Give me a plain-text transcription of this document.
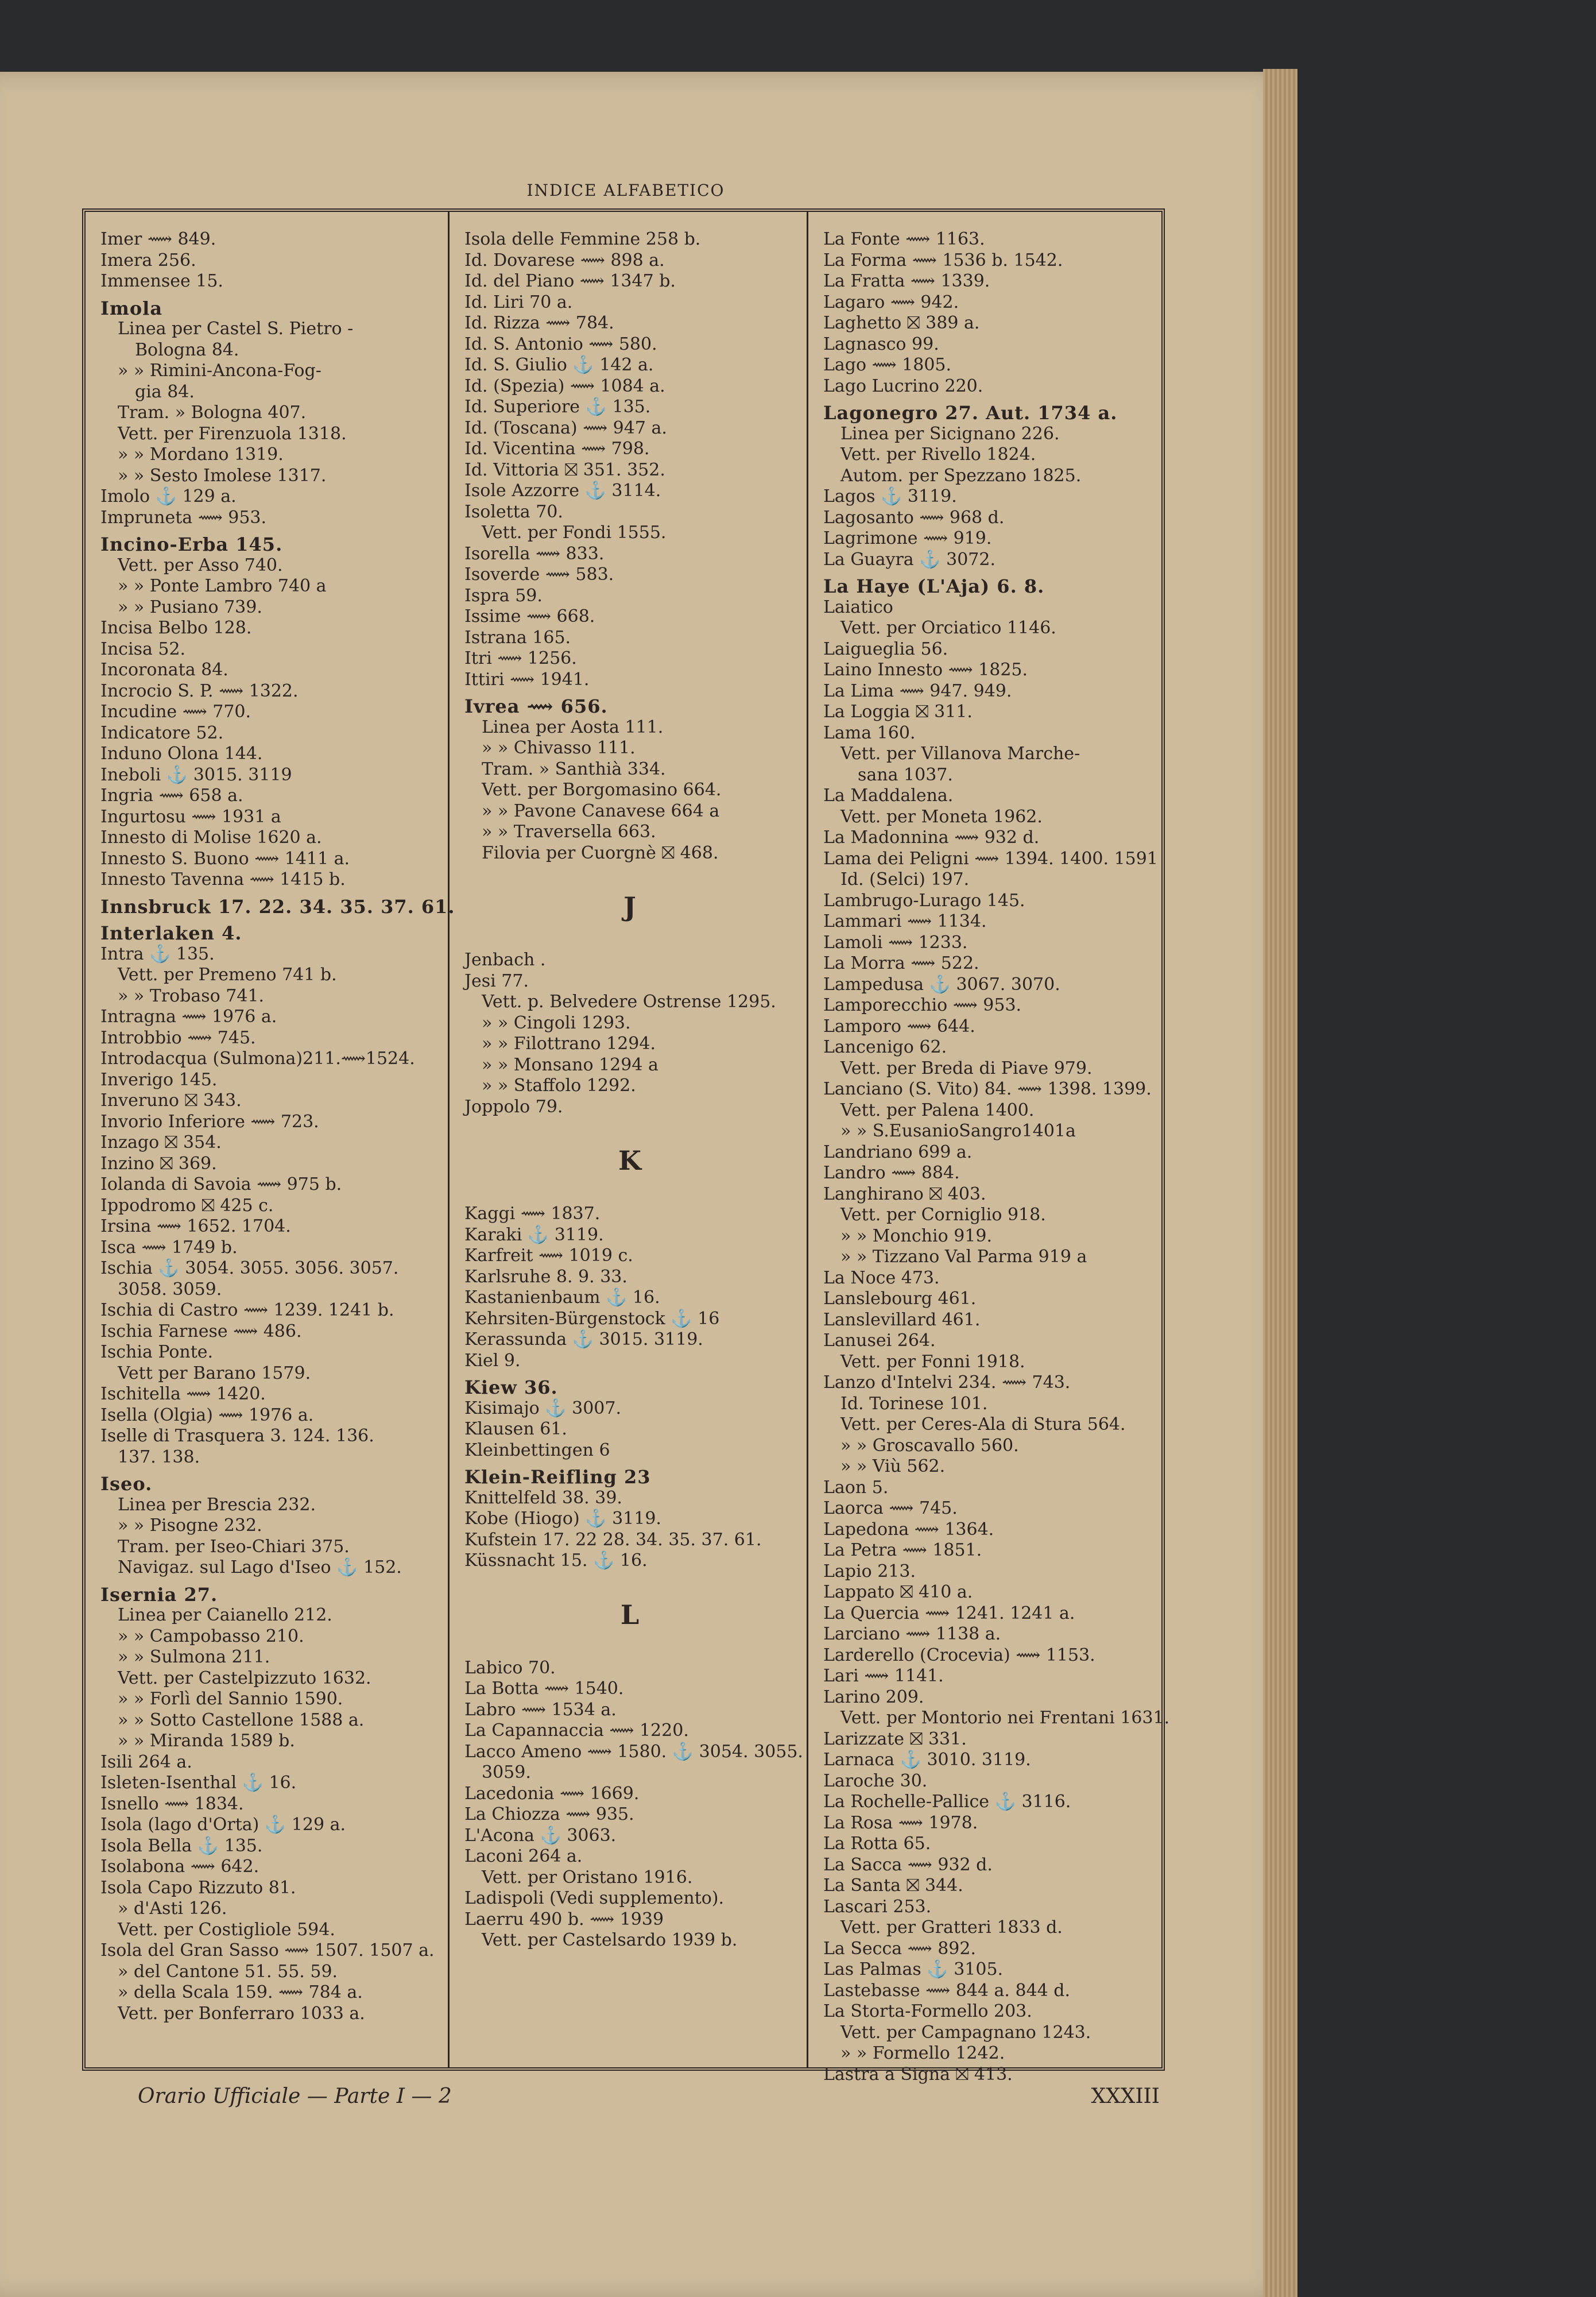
INDICE ALFABETICO
Imer ⟿ 849.
Imera 256.
Immensee 15.
Imola
Linea per Castel S. Pietro -
Bologna 84.
» » Rimini-Ancona-Fog-
gia 84.
Tram. » Bologna 407.
Vett. per Firenzuola 1318.
» » Mordano 1319.
» » Sesto Imolese 1317.
Imolo ⚓ 129 a.
Impruneta ⟿ 953.
Incino-Erba 145.
Vett. per Asso 740.
» » Ponte Lambro 740 a
» » Pusiano 739.
Incisa Belbo 128.
Incisa 52.
Incoronata 84.
Incrocio S. P. ⟿ 1322.
Incudine ⟿ 770.
Indicatore 52.
Induno Olona 144.
Ineboli ⚓ 3015. 3119
Ingria ⟿ 658 a.
Ingurtosu ⟿ 1931 a
Innesto di Molise 1620 a.
Innesto S. Buono ⟿ 1411 a.
Innesto Tavenna ⟿ 1415 b.
Innsbruck 17. 22. 34. 35. 37. 61.
Interlaken 4.
Intra ⚓ 135.
Vett. per Premeno 741 b.
» » Trobaso 741.
Intragna ⟿ 1976 a.
Introbbio ⟿ 745.
Introdacqua (Sulmona)211.⟿1524.
Inverigo 145.
Inveruno ⛝ 343.
Invorio Inferiore ⟿ 723.
Inzago ⛝ 354.
Inzino ⛝ 369.
Iolanda di Savoia ⟿ 975 b.
Ippodromo ⛝ 425 c.
Irsina ⟿ 1652. 1704.
Isca ⟿ 1749 b.
Ischia ⚓ 3054. 3055. 3056. 3057.
3058. 3059.
Ischia di Castro ⟿ 1239. 1241 b.
Ischia Farnese ⟿ 486.
Ischia Ponte.
Vett per Barano 1579.
Ischitella ⟿ 1420.
Isella (Olgia) ⟿ 1976 a.
Iselle di Trasquera 3. 124. 136.
137. 138.
Iseo.
Linea per Brescia 232.
» » Pisogne 232.
Tram. per Iseo-Chiari 375.
Navigaz. sul Lago d'Iseo ⚓ 152.
Isernia 27.
Linea per Caianello 212.
» » Campobasso 210.
» » Sulmona 211.
Vett. per Castelpizzuto 1632.
» » Forlì del Sannio 1590.
» » Sotto Castellone 1588 a.
» » Miranda 1589 b.
Isili 264 a.
Isleten-Isenthal ⚓ 16.
Isnello ⟿ 1834.
Isola (lago d'Orta) ⚓ 129 a.
Isola Bella ⚓ 135.
Isolabona ⟿ 642.
Isola Capo Rizzuto 81.
» d'Asti 126.
Vett. per Costigliole 594.
Isola del Gran Sasso ⟿ 1507. 1507 a.
» del Cantone 51. 55. 59.
» della Scala 159. ⟿ 784 a.
Vett. per Bonferraro 1033 a.
Isola delle Femmine 258 b.
Id. Dovarese ⟿ 898 a.
Id. del Piano ⟿ 1347 b.
Id. Liri 70 a.
Id. Rizza ⟿ 784.
Id. S. Antonio ⟿ 580.
Id. S. Giulio ⚓ 142 a.
Id. (Spezia) ⟿ 1084 a.
Id. Superiore ⚓ 135.
Id. (Toscana) ⟿ 947 a.
Id. Vicentina ⟿ 798.
Id. Vittoria ⛝ 351. 352.
Isole Azzorre ⚓ 3114.
Isoletta 70.
Vett. per Fondi 1555.
Isorella ⟿ 833.
Isoverde ⟿ 583.
Ispra 59.
Issime ⟿ 668.
Istrana 165.
Itri ⟿ 1256.
Ittiri ⟿ 1941.
Ivrea ⟿ 656.
Linea per Aosta 111.
» » Chivasso 111.
Tram. » Santhià 334.
Vett. per Borgomasino 664.
» » Pavone Canavese 664 a
» » Traversella 663.
Filovia per Cuorgnè ⛝ 468.
J
Jenbach .
Jesi 77.
Vett. p. Belvedere Ostrense 1295.
» » Cingoli 1293.
» » Filottrano 1294.
» » Monsano 1294 a
» » Staffolo 1292.
Joppolo 79.
K
Kaggi ⟿ 1837.
Karaki ⚓ 3119.
Karfreit ⟿ 1019 c.
Karlsruhe 8. 9. 33.
Kastanienbaum ⚓ 16.
Kehrsiten-Bürgenstock ⚓ 16
Kerassunda ⚓ 3015. 3119.
Kiel 9.
Kiew 36.
Kisimajo ⚓ 3007.
Klausen 61.
Kleinbettingen 6
Klein-Reifling 23
Knittelfeld 38. 39.
Kobe (Hiogo) ⚓ 3119.
Kufstein 17. 22 28. 34. 35. 37. 61.
Küssnacht 15. ⚓ 16.
L
Labico 70.
La Botta ⟿ 1540.
Labro ⟿ 1534 a.
La Capannaccia ⟿ 1220.
Lacco Ameno ⟿ 1580. ⚓ 3054. 3055.
3059.
Lacedonia ⟿ 1669.
La Chiozza ⟿ 935.
L'Acona ⚓ 3063.
Laconi 264 a.
Vett. per Oristano 1916.
Ladispoli (Vedi supplemento).
Laerru 490 b. ⟿ 1939
Vett. per Castelsardo 1939 b.
La Fonte ⟿ 1163.
La Forma ⟿ 1536 b. 1542.
La Fratta ⟿ 1339.
Lagaro ⟿ 942.
Laghetto ⛝ 389 a.
Lagnasco 99.
Lago ⟿ 1805.
Lago Lucrino 220.
Lagonegro 27. Aut. 1734 a.
Linea per Sicignano 226.
Vett. per Rivello 1824.
Autom. per Spezzano 1825.
Lagos ⚓ 3119.
Lagosanto ⟿ 968 d.
Lagrimone ⟿ 919.
La Guayra ⚓ 3072.
La Haye (L'Aja) 6. 8.
Laiatico
Vett. per Orciatico 1146.
Laigueglia 56.
Laino Innesto ⟿ 1825.
La Lima ⟿ 947. 949.
La Loggia ⛝ 311.
Lama 160.
Vett. per Villanova Marche-
sana 1037.
La Maddalena.
Vett. per Moneta 1962.
La Madonnina ⟿ 932 d.
Lama dei Peligni ⟿ 1394. 1400. 1591
Id. (Selci) 197.
Lambrugo-Lurago 145.
Lammari ⟿ 1134.
Lamoli ⟿ 1233.
La Morra ⟿ 522.
Lampedusa ⚓ 3067. 3070.
Lamporecchio ⟿ 953.
Lamporo ⟿ 644.
Lancenigo 62.
Vett. per Breda di Piave 979.
Lanciano (S. Vito) 84. ⟿ 1398. 1399.
Vett. per Palena 1400.
» » S.EusanioSangro1401a
Landriano 699 a.
Landro ⟿ 884.
Langhirano ⛝ 403.
Vett. per Corniglio 918.
» » Monchio 919.
» » Tizzano Val Parma 919 a
La Noce 473.
Lanslebourg 461.
Lanslevillard 461.
Lanusei 264.
Vett. per Fonni 1918.
Lanzo d'Intelvi 234. ⟿ 743.
Id. Torinese 101.
Vett. per Ceres-Ala di Stura 564.
» » Groscavallo 560.
» » Viù 562.
Laon 5.
Laorca ⟿ 745.
Lapedona ⟿ 1364.
La Petra ⟿ 1851.
Lapio 213.
Lappato ⛝ 410 a.
La Quercia ⟿ 1241. 1241 a.
Larciano ⟿ 1138 a.
Larderello (Crocevia) ⟿ 1153.
Lari ⟿ 1141.
Larino 209.
Vett. per Montorio nei Frentani 1631.
Larizzate ⛝ 331.
Larnaca ⚓ 3010. 3119.
Laroche 30.
La Rochelle-Pallice ⚓ 3116.
La Rosa ⟿ 1978.
La Rotta 65.
La Sacca ⟿ 932 d.
La Santa ⛝ 344.
Lascari 253.
Vett. per Gratteri 1833 d.
La Secca ⟿ 892.
Las Palmas ⚓ 3105.
Lastebasse ⟿ 844 a. 844 d.
La Storta-Formello 203.
Vett. per Campagnano 1243.
» » Formello 1242.
Lastra a Signa ⛝ 413.
Orario Ufficiale — Parte I — 2	XXXIII
